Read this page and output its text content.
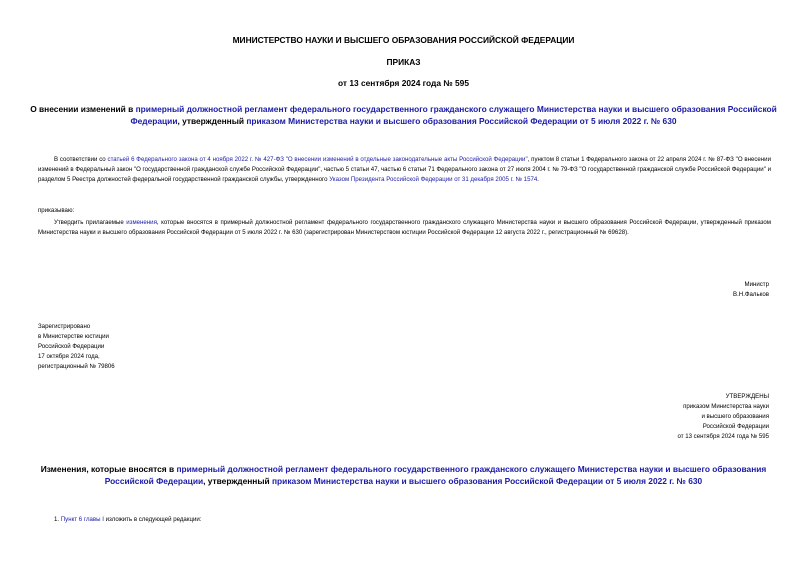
МИНИСТЕРСТВО НАУКИ И ВЫСШЕГО ОБРАЗОВАНИЯ РОССИЙСКОЙ ФЕДЕРАЦИИ
ПРИКАЗ
от 13 сентября 2024 года № 595
О внесении изменений в примерный должностной регламент федерального государственного гражданского служащего Министерства науки и высшего образования Российской Федерации, утвержденный приказом Министерства науки и высшего образования Российской Федерации от 5 июля 2022 г. № 630
В соответствии со статьей 6 Федерального закона от 4 ноября 2022 г. № 427-ФЗ "О внесении изменений в отдельные законодательные акты Российской Федерации", пунктом 8 статьи 1 Федерального закона от 22 апреля 2024 г. № 87-ФЗ "О внесении изменений в Федеральный закон "О государственной гражданской службе Российской Федерации", частью 5 статьи 47, частью 6 статьи 71 Федерального закона от 27 июля 2004 г. № 79-ФЗ "О государственной гражданской службе Российской Федерации" и разделом 5 Реестра должностей федеральной государственной гражданской службы, утвержденного Указом Президента Российской Федерации от 31 декабря 2005 г. № 1574.
приказываю:
Утвердить прилагаемые изменения, которые вносятся в примерный должностной регламент федерального государственного гражданского служащего Министерства науки и высшего образования Российской Федерации, утвержденный приказом Министерства науки и высшего образования Российской Федерации от 5 июля 2022 г. № 630 (зарегистрирован Министерством юстиции Российской Федерации 12 августа 2022 г., регистрационный № 69628).
Министр
В.Н.Фальков
Зарегистрировано
в Министерстве юстиции
Российской Федерации
17 октября 2024 года,
регистрационный № 79806
УТВЕРЖДЕНЫ
приказом Министерства науки
и высшего образования
Российской Федерации
от 13 сентября 2024 года № 595
Изменения, которые вносятся в примерный должностной регламент федерального государственного гражданского служащего Министерства науки и высшего образования Российской Федерации, утвержденный приказом Министерства науки и высшего образования Российской Федерации от 5 июля 2022 г. № 630
1. Пункт 6 главы I изложить в следующей редакции:
